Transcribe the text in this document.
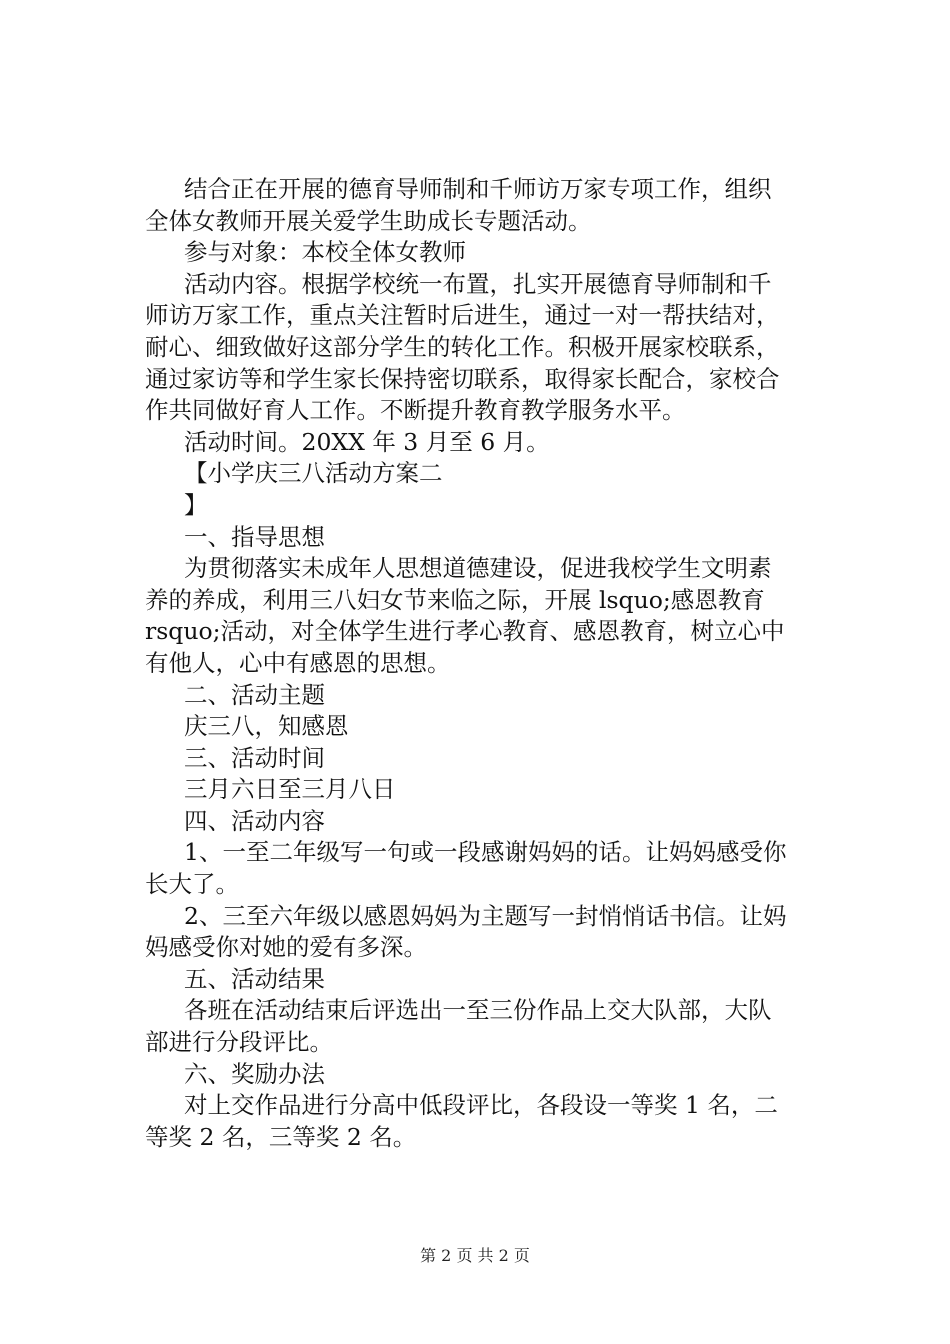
结合正在开展的德育导师制和千师访万家专项工作，组织
全体女教师开展关爱学生助成长专题活动。
参与对象：本校全体女教师
活动内容。根据学校统一布置，扎实开展德育导师制和千
师访万家工作，重点关注暂时后进生，通过一对一帮扶结对，
耐心、细致做好这部分学生的转化工作。积极开展家校联系，
通过家访等和学生家长保持密切联系，取得家长配合，家校合
作共同做好育人工作。不断提升教育教学服务水平。
活动时间。20XX 年 3 月至 6 月。
【小学庆三八活动方案二
】
一、指导思想
为贯彻落实未成年人思想道德建设，促进我校学生文明素
养的养成，利用三八妇女节来临之际，开展 lsquo;感恩教育
rsquo;活动，对全体学生进行孝心教育、感恩教育，树立心中
有他人，心中有感恩的思想。
二、活动主题
庆三八，知感恩
三、活动时间
三月六日至三月八日
四、活动内容
1、一至二年级写一句或一段感谢妈妈的话。让妈妈感受你
长大了。
2、三至六年级以感恩妈妈为主题写一封悄悄话书信。让妈
妈感受你对她的爱有多深。
五、活动结果
各班在活动结束后评选出一至三份作品上交大队部，大队
部进行分段评比。
六、奖励办法
对上交作品进行分高中低段评比，各段设一等奖 1 名，二
等奖 2 名，三等奖 2 名。
第 2 页 共 2 页
